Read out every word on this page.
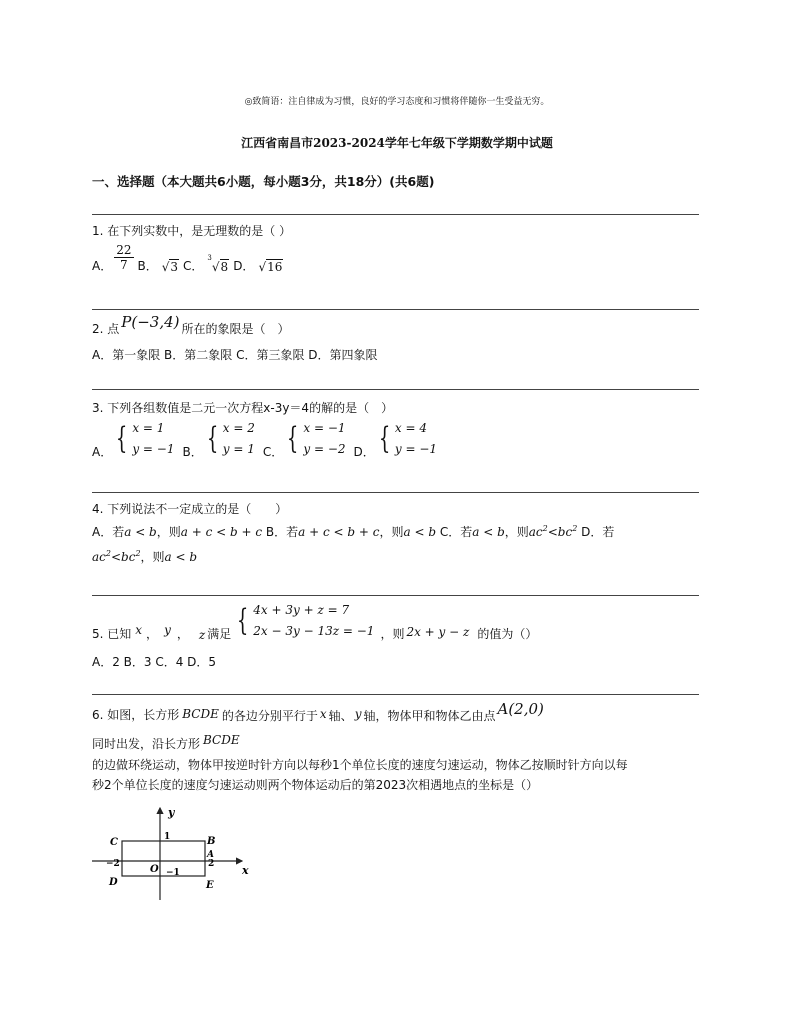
◎致简语：注自律成为习惯，良好的学习态度和习惯将伴随你一生受益无穷。
江西省南昌市2023-2024学年七年级下学期数学期中试题
一、选择题（本大题共6小题，每小题3分，共18分）(共6题)
1. 在下列实数中，是无理数的是（ ）
A． $\frac{22}{7}$ B． √3 C．
$^3$√8 D． √16
2. 点 P(−3,4) 所在的象限是（　）
A．第一象限 B．第二象限 C．第三象限 D．第四象限
3. 下列各组数值是二元一次方程x-3y＝4的解的是（　）
A． { x = 1
y = −1 B． { x = 2
y = 1 C． { x = −1
y = −2 D． { x = 4
y = −1
4. 下列说法不一定成立的是（　　）
A．若a < b，则a + c < b + c B．若a + c < b + c，则a < b C．若a < b，则$ac^2<bc^2$ D．若
$ac^2<bc^2$，则a < b
5. 已知 x ， y ， z 满足 { 4x + 3y + z = 7
2x − 3y − 13z = −1 ，则 2x + y − z 的值为（）
A．2 B．3 C．4 D．5
6. 如图，长方形 BCDE 的各边分别平行于 x 轴、 y 轴，物体甲和物体乙由点 A(2,0)
同时出发，沿长方形 BCDE
的边做环绕运动，物体甲按逆时针方向以每秒1个单位长度的速度匀速运动，物体乙按顺时针方向以每
秒2个单位长度的速度匀速运动则两个物体运动后的第2023次相遇地点的坐标是（）
y
x
C	B
A
D	E
O
1
−2	2
−1
